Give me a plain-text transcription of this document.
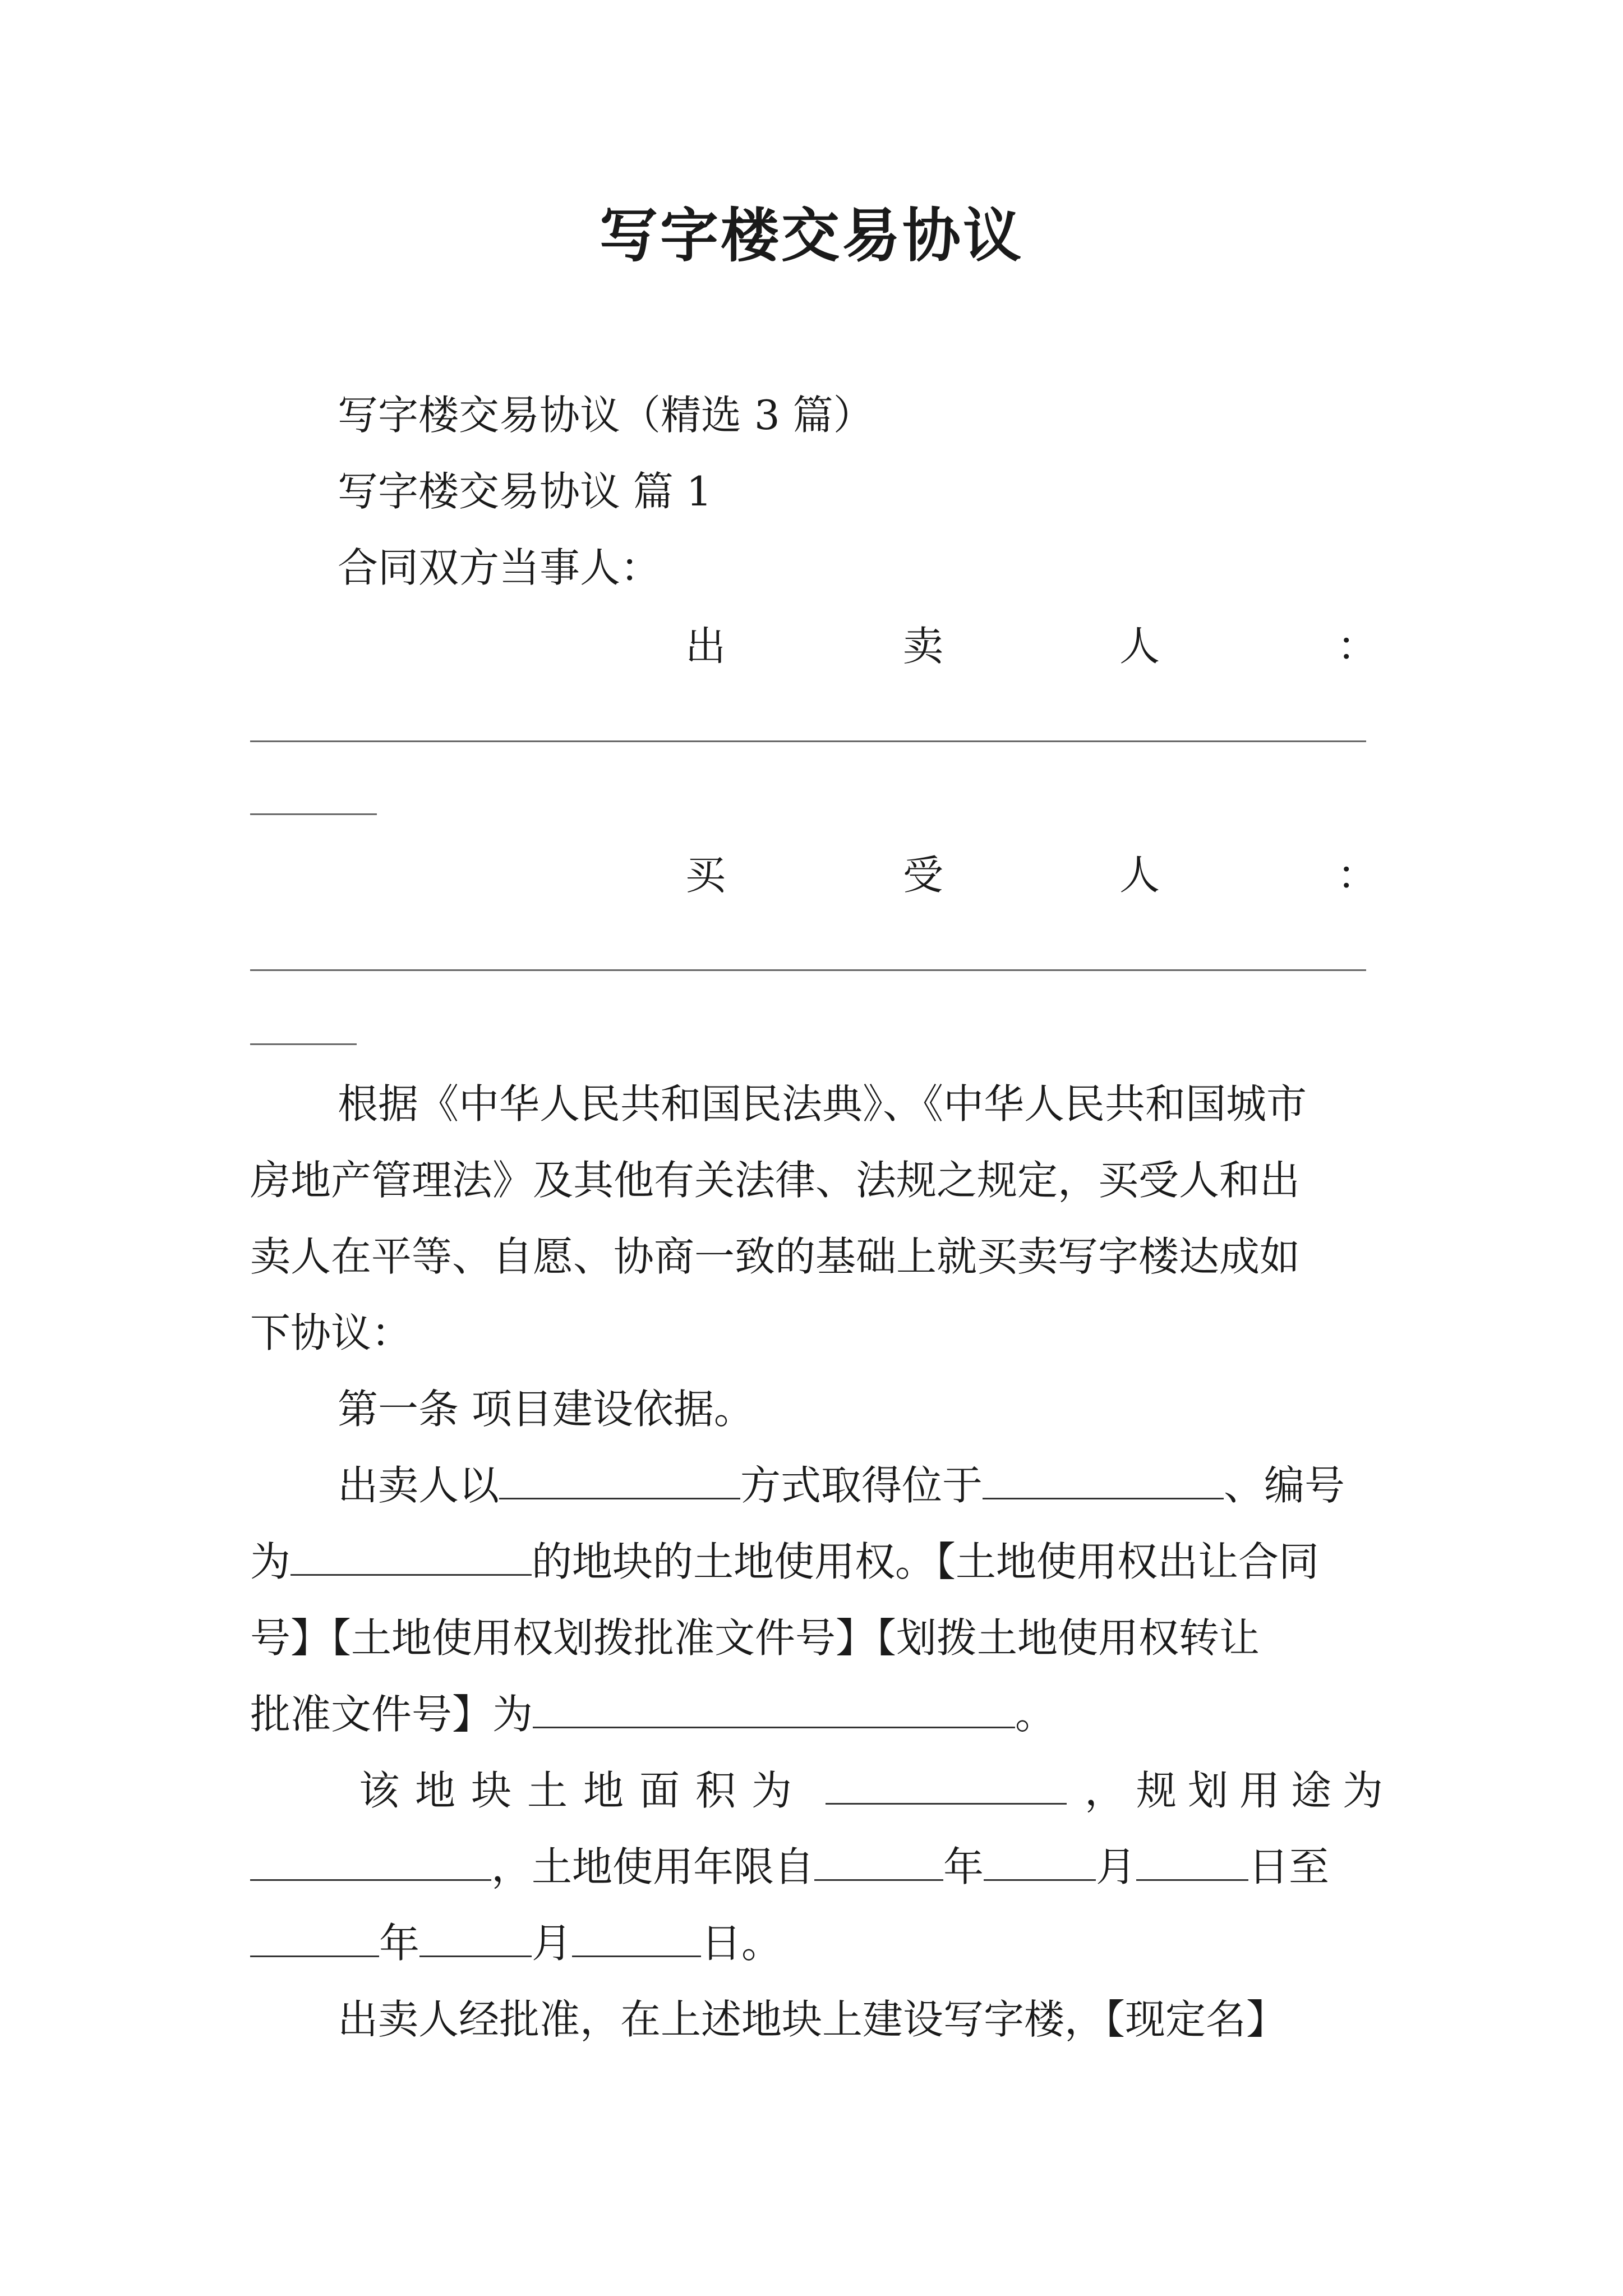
写字楼交易协议
写字楼交易协议（精选 3 篇）
写字楼交易协议 篇 1
合同双方当事人：
出	卖	人	：
买	受	人	：
根据《中华人民共和国民法典》、《中华人民共和国城市
房地产管理法》及其他有关法律、法规之规定，买受人和出
卖人在平等、自愿、协商一致的基础上就买卖写字楼达成如
下协议：
第一条 项目建设依据。
出卖人以	方式取得位于	、编号
为	的地块的土地使用权。【土地使用权出让合同
号】【土地使用权划拨批准文件号】【划拨土地使用权转让
批准文件号】为	。
该地块土地面积为	，规划用途为
，土地使用年限自	年	月	日至
年	月	日。
出卖人经批准，在上述地块上建设写字楼，【现定名】
